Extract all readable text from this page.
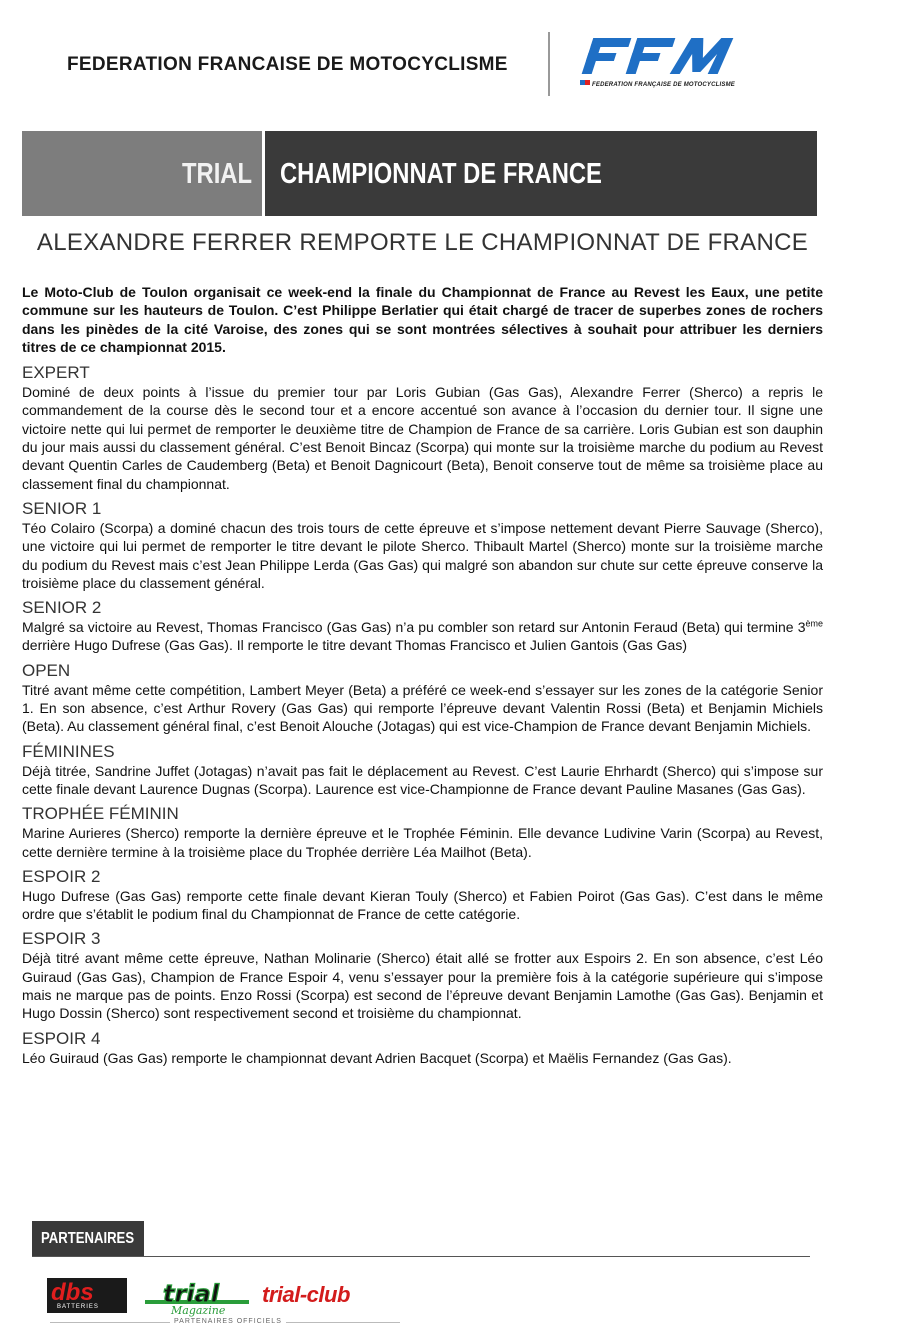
FEDERATION FRANCAISE DE MOTOCYCLISME
FEDERATION FRANÇAISE DE MOTOCYCLISME
TRIAL CHAMPIONNAT DE FRANCE
ALEXANDRE FERRER REMPORTE LE CHAMPIONNAT DE FRANCE

Le Moto-Club de Toulon organisait ce week-end la finale du Championnat de France au Revest les Eaux, une petite commune sur les hauteurs de Toulon. C’est Philippe Berlatier qui était chargé de tracer de superbes zones de rochers dans les pinèdes de la cité Varoise, des zones qui se sont montrées sélectives à souhait pour attribuer les derniers titres de ce championnat 2015.

EXPERT

Dominé de deux points à l’issue du premier tour par Loris Gubian (Gas Gas), Alexandre Ferrer (Sherco) a repris le commandement de la course dès le second tour et a encore accentué son avance à l’occasion du dernier tour. Il signe une victoire nette qui lui permet de remporter le deuxième titre de Champion de France de sa carrière. Loris Gubian est son dauphin du jour mais aussi du classement général. C’est Benoit Bincaz (Scorpa) qui monte sur la troisième marche du podium au Revest devant Quentin Carles de Caudemberg (Beta) et Benoit Dagnicourt (Beta), Benoit conserve tout de même sa troisième place au classement final du championnat.

SENIOR 1

Téo Colairo (Scorpa) a dominé chacun des trois tours de cette épreuve et s’impose nettement devant Pierre Sauvage (Sherco), une victoire qui lui permet de remporter le titre devant le pilote Sherco. Thibault Martel (Sherco) monte sur la troisième marche du podium du Revest mais c’est Jean Philippe Lerda (Gas Gas) qui malgré son abandon sur chute sur cette épreuve conserve la troisième place du classement général.

SENIOR 2

Malgré sa victoire au Revest, Thomas Francisco (Gas Gas) n’a pu combler son retard sur Antonin Feraud (Beta) qui termine 3ème derrière Hugo Dufrese (Gas Gas). Il remporte le titre devant Thomas Francisco et Julien Gantois (Gas Gas)

OPEN

Titré avant même cette compétition, Lambert Meyer (Beta) a préféré ce week-end s’essayer sur les zones de la catégorie Senior 1. En son absence, c’est Arthur Rovery (Gas Gas) qui remporte l’épreuve devant Valentin Rossi (Beta) et Benjamin Michiels (Beta). Au classement général final, c’est Benoit Alouche (Jotagas) qui est vice-Champion de France devant Benjamin Michiels.

FÉMININES

Déjà titrée, Sandrine Juffet (Jotagas) n’avait pas fait le déplacement au Revest. C’est Laurie Ehrhardt (Sherco) qui s’impose sur cette finale devant Laurence Dugnas (Scorpa). Laurence est vice-Championne de France devant Pauline Masanes (Gas Gas).

TROPHÉE FÉMININ

Marine Aurieres (Sherco) remporte la dernière épreuve et le Trophée Féminin. Elle devance Ludivine Varin (Scorpa) au Revest, cette dernière termine à la troisième place du Trophée derrière Léa Mailhot (Beta).

ESPOIR 2

Hugo Dufrese (Gas Gas) remporte cette finale devant Kieran Touly (Sherco) et Fabien Poirot (Gas Gas). C’est dans le même ordre que s’établit le podium final du Championnat de France de cette catégorie.

ESPOIR 3

Déjà titré avant même cette épreuve, Nathan Molinarie (Sherco) était allé se frotter aux Espoirs 2. En son absence, c’est Léo Guiraud (Gas Gas), Champion de France Espoir 4, venu s’essayer pour la première fois à la catégorie supérieure qui s’impose mais ne marque pas de points. Enzo Rossi (Scorpa) est second de l’épreuve devant Benjamin Lamothe (Gas Gas). Benjamin et Hugo Dossin (Sherco) sont respectivement second et troisième du championnat.

ESPOIR 4

Léo Guiraud (Gas Gas) remporte le championnat devant Adrien Bacquet (Scorpa) et Maëlis Fernandez (Gas Gas).

PARTENAIRES
dbs
BATTERIES	trial
Magazine
trial-club
PARTENAIRES OFFICIELS
